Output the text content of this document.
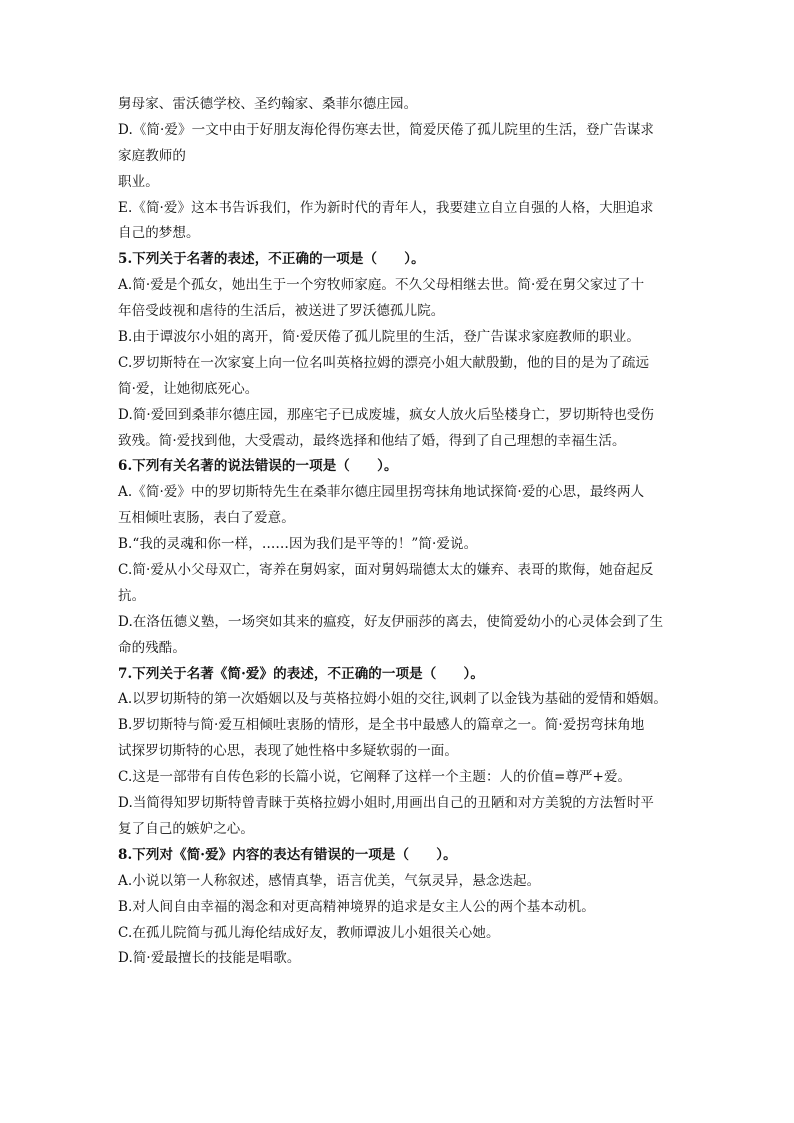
舅母家、雷沃德学校、圣约翰家、桑菲尔德庄园。
D.《简·爱》一文中由于好朋友海伦得伤寒去世，简爱厌倦了孤儿院里的生活，登广告谋求
家庭教师的
职业。
E.《简·爱》这本书告诉我们，作为新时代的青年人，我要建立自立自强的人格，大胆追求
自己的梦想。
5.下列关于名著的表述，不正确的一项是（　　）。
A.简·爱是个孤女，她出生于一个穷牧师家庭。不久父母相继去世。简·爱在舅父家过了十
年倍受歧视和虐待的生活后，被送进了罗沃德孤儿院。
B.由于谭波尔小姐的离开，简·爱厌倦了孤儿院里的生活，登广告谋求家庭教师的职业。
C.罗切斯特在一次家宴上向一位名叫英格拉姆的漂亮小姐大献殷勤，他的目的是为了疏远
简·爱，让她彻底死心。
D.简·爱回到桑菲尔德庄园，那座宅子已成废墟，疯女人放火后坠楼身亡，罗切斯特也受伤
致残。简·爱找到他，大受震动，最终选择和他结了婚，得到了自己理想的幸福生活。
6.下列有关名著的说法错误的一项是（　　）。
A.《简·爱》中的罗切斯特先生在桑菲尔德庄园里拐弯抹角地试探简·爱的心思，最终两人
互相倾吐衷肠，表白了爱意。
B.“我的灵魂和你一样，……因为我们是平等的！”简·爱说。
C.简·爱从小父母双亡，寄养在舅妈家，面对舅妈瑞德太太的嫌弃、表哥的欺侮，她奋起反
抗。
D.在洛伍德义塾，一场突如其来的瘟疫，好友伊丽莎的离去，使简爱幼小的心灵体会到了生
命的残酷。
7.下列关于名著《简·爱》的表述，不正确的一项是（　　）。
A.以罗切斯特的第一次婚姻以及与英格拉姆小姐的交往,讽刺了以金钱为基础的爱情和婚姻。
B.罗切斯特与简·爱互相倾吐衷肠的情形，是全书中最感人的篇章之一。简·爱拐弯抹角地
试探罗切斯特的心思，表现了她性格中多疑软弱的一面。
C.这是一部带有自传色彩的长篇小说，它阐释了这样一个主题：人的价值=尊严+爱。
D.当简得知罗切斯特曾青睐于英格拉姆小姐时,用画出自己的丑陋和对方美貌的方法暂时平
复了自己的嫉妒之心。
8.下列对《简·爱》内容的表达有错误的一项是（　　）。
A.小说以第一人称叙述，感情真挚，语言优美，气氛灵异，悬念迭起。
B.对人间自由幸福的渴念和对更高精神境界的追求是女主人公的两个基本动机。
C.在孤儿院简与孤儿海伦结成好友，教师谭波儿小姐很关心她。
D.简·爱最擅长的技能是唱歌。
